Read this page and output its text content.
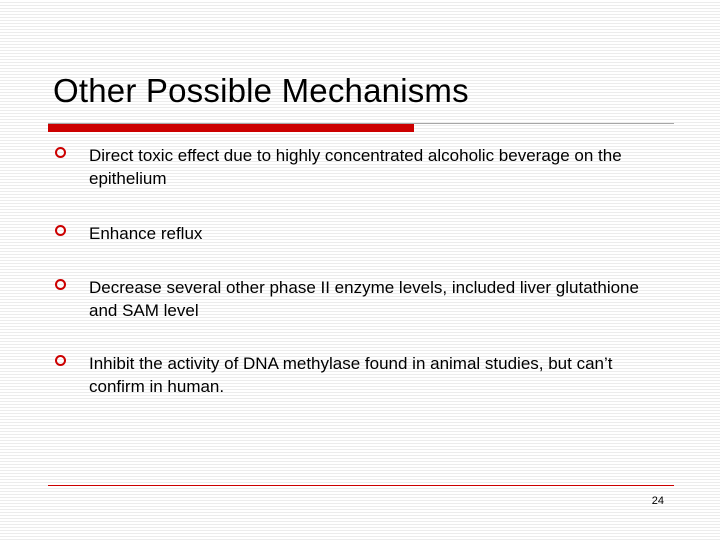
Other Possible Mechanisms
Direct toxic effect due to highly concentrated alcoholic beverage on the epithelium
Enhance reflux
Decrease several other phase II enzyme levels, included liver glutathione and SAM level
Inhibit the activity of DNA methylase found in animal studies, but can’t confirm in human.
24
